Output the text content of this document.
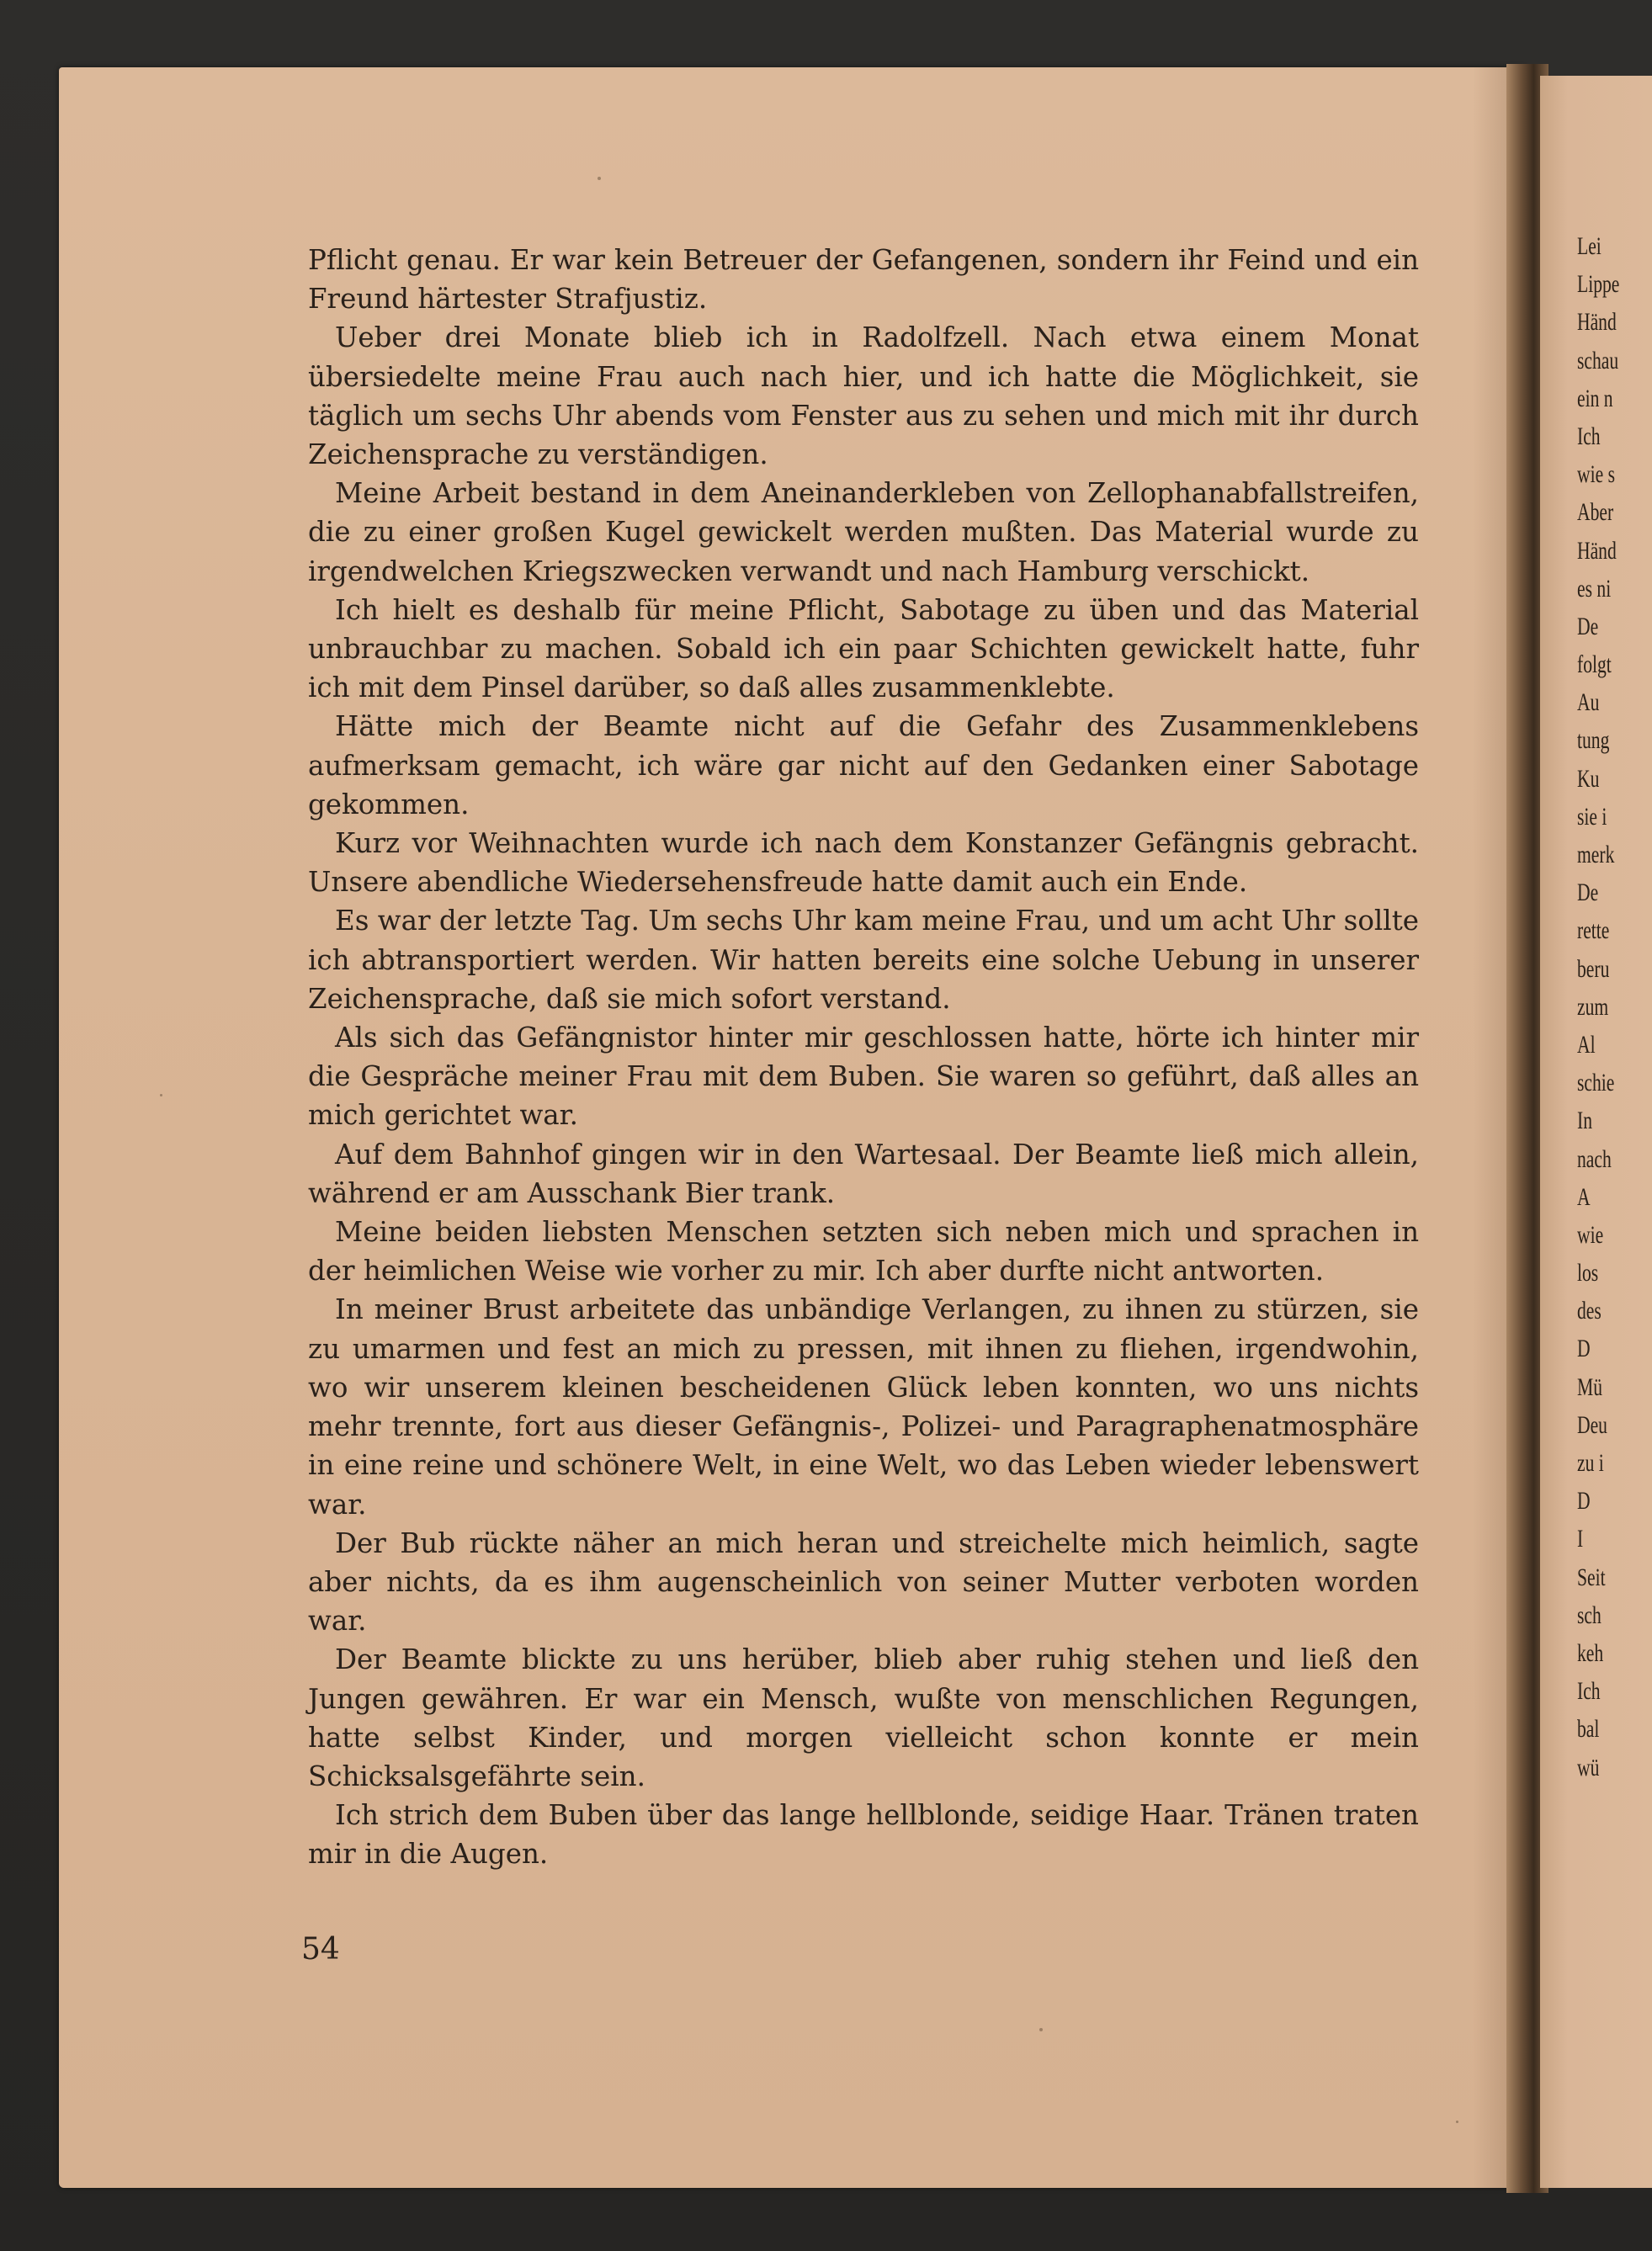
Lei
Lippe
Händ
schau
ein n
Ich
wie s
Aber
Händ
es ni
De
folgt
Au
tung
Ku
sie i
merk
De
rette
beru
zum
Al
schie
In
nach
A
wie
los
des
D
Mü
Deu
zu i
D
I
Seit
sch
keh
Ich
bal
wü

Pflicht genau. Er war kein Betreuer der Gefangenen, sondern ihr Feind und ein Freund härtester Strafjustiz.

Ueber drei Monate blieb ich in Radolfzell. Nach etwa einem Monat übersiedelte meine Frau auch nach hier, und ich hatte die Möglichkeit, sie täglich um sechs Uhr abends vom Fenster aus zu sehen und mich mit ihr durch Zeichensprache zu verständigen.

Meine Arbeit bestand in dem Aneinanderkleben von Zellophanabfallstreifen, die zu einer großen Kugel gewickelt werden mußten. Das Material wurde zu irgendwelchen Kriegszwecken verwandt und nach Hamburg verschickt.

Ich hielt es deshalb für meine Pflicht, Sabotage zu üben und das Material unbrauchbar zu machen. Sobald ich ein paar Schichten gewickelt hatte, fuhr ich mit dem Pinsel darüber, so daß alles zusammenklebte.

Hätte mich der Beamte nicht auf die Gefahr des Zusammenklebens aufmerksam gemacht, ich wäre gar nicht auf den Gedanken einer Sabotage gekommen.

Kurz vor Weihnachten wurde ich nach dem Konstanzer Gefängnis gebracht. Unsere abendliche Wiedersehensfreude hatte damit auch ein Ende.

Es war der letzte Tag. Um sechs Uhr kam meine Frau, und um acht Uhr sollte ich abtransportiert werden. Wir hatten bereits eine solche Uebung in unserer Zeichensprache, daß sie mich sofort verstand.

Als sich das Gefängnistor hinter mir geschlossen hatte, hörte ich hinter mir die Gespräche meiner Frau mit dem Buben. Sie waren so geführt, daß alles an mich gerichtet war.

Auf dem Bahnhof gingen wir in den Wartesaal. Der Beamte ließ mich allein, während er am Ausschank Bier trank.

Meine beiden liebsten Menschen setzten sich neben mich und sprachen in der heimlichen Weise wie vorher zu mir. Ich aber durfte nicht antworten.

In meiner Brust arbeitete das unbändige Verlangen, zu ihnen zu stürzen, sie zu umarmen und fest an mich zu pressen, mit ihnen zu fliehen, irgendwohin, wo wir unserem kleinen bescheidenen Glück leben konnten, wo uns nichts mehr trennte, fort aus dieser Gefängnis-, Polizei- und Paragraphenatmosphäre in eine reine und schönere Welt, in eine Welt, wo das Leben wieder lebenswert war.

Der Bub rückte näher an mich heran und streichelte mich heimlich, sagte aber nichts, da es ihm augenscheinlich von seiner Mutter verboten worden war.

Der Beamte blickte zu uns herüber, blieb aber ruhig stehen und ließ den Jungen gewähren. Er war ein Mensch, wußte von menschlichen Regungen, hatte selbst Kinder, und morgen vielleicht schon konnte er mein Schicksalsgefährte sein.

Ich strich dem Buben über das lange hellblonde, seidige Haar. Tränen traten mir in die Augen.

54
